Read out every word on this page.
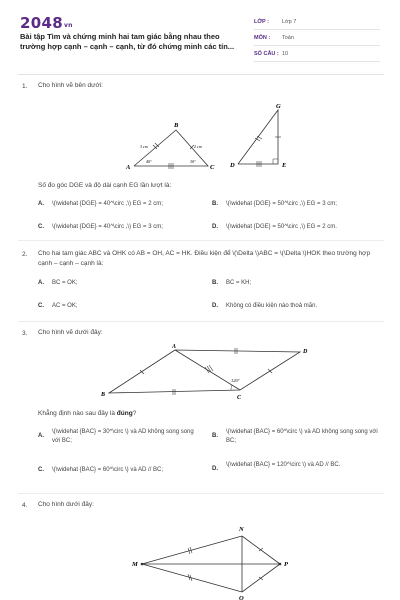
$2048_{vn}$
Bài tập Tìm và chứng minh hai tam giác bằng nhau theo trường hợp cạnh – cạnh – cạnh, từ đó chứng minh các tín...
LỚP :	Lớp 7
MÔN :	Toán
SỐ CÂU : 10
1. Cho hình vẽ bên dưới:
B
A	C
3 cm	2 cm
40°	30°
G
D	E
Số đo góc DGE và độ dài cạnh EG lần lượt là:
A. \(\widehat {DGE} = 40^\circ ,\) EG = 2 cm;	B. \(\widehat {DGE} = 50^\circ ,\) EG = 3 cm;
C. \(\widehat {DGE} = 40^\circ ,\) EG = 3 cm;	D. \(\widehat {DGE} = 50^\circ ,\) EG = 2 cm.
2. Cho hai tam giác ABC và OHK có AB = OH, AC = HK. Điều kiện để \(\Delta \)ABC = \(\Delta \)HOK theo trường hợp cạnh – cạnh – cạnh là:
A. BC = OK;	B. BC = KH;
C. AC = OK;	D. Không có điều kiện nào thoả mãn.
3. Cho hình vẽ dưới đây:
A
D
C
B
120°
Khẳng định nào sau đây là đúng?
A.
\(\widehat {BAC} = 30^\circ \) và AD không song song với BC;
B.
\(\widehat {BAC} = 60^\circ \) và AD không song song với BC;
C. \(\widehat {BAC} = 60^\circ \) và AD // BC;	D.
\(\widehat {BAC} = 120^\circ \) và AD // BC.
4. Cho hình dưới đây:
N
M	P
Q
